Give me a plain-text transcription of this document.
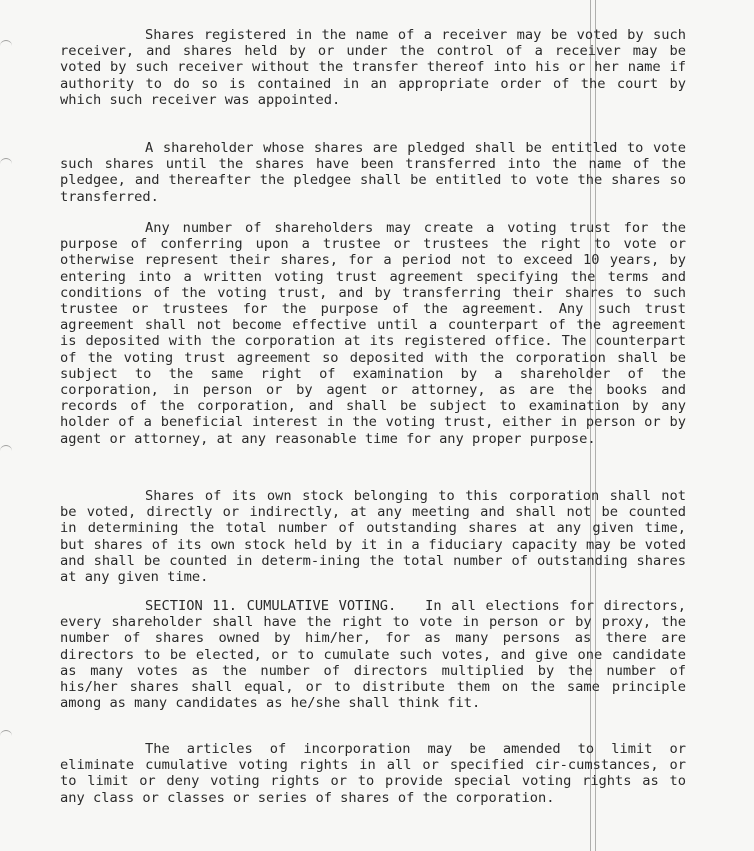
Shares registered in the name of a receiver may be voted by such receiver, and shares held by or under the control of a receiver may be voted by such receiver without the transfer thereof into his or her name if authority to do so is contained in an appropriate order of the court by which such receiver was appointed.

A shareholder whose shares are pledged shall be entitled to vote such shares until the shares have been transferred into the name of the pledgee, and thereafter the pledgee shall be entitled to vote the shares so transferred.

Any number of shareholders may create a voting trust for the purpose of conferring upon a trustee or trustees the right to vote or otherwise represent their shares, for a period not to exceed 10 years, by entering into a written voting trust agreement specifying the terms and conditions of the voting trust, and by transferring their shares to such trustee or trustees for the purpose of the agreement. Any such trust agreement shall not become effective until a counterpart of the agreement is deposited with the corporation at its registered office. The counterpart of the voting trust agreement so deposited with the corporation shall be subject to the same right of examination by a shareholder of the corporation, in person or by agent or attorney, as are the books and records of the corporation, and shall be subject to examination by any holder of a beneficial interest in the voting trust, either in person or by agent or attorney, at any reasonable time for any proper purpose.

Shares of its own stock belonging to this corporation shall not be voted, directly or indirectly, at any meeting and shall not be counted in determining the total number of outstanding shares at any given time, but shares of its own stock held by it in a fiduciary capacity may be voted and shall be counted in determ-ining the total number of outstanding shares at any given time.

SECTION 11. CUMULATIVE VOTING. In all elections for directors, every shareholder shall have the right to vote in person or by proxy, the number of shares owned by him/her, for as many persons as there are directors to be elected, or to cumulate such votes, and give one candidate as many votes as the number of directors multiplied by the number of his/her shares shall equal, or to distribute them on the same principle among as many candidates as he/she shall think fit.

The articles of incorporation may be amended to limit or eliminate cumulative voting rights in all or specified cir-cumstances, or to limit or deny voting rights or to provide special voting rights as to any class or classes or series of shares of the corporation.
